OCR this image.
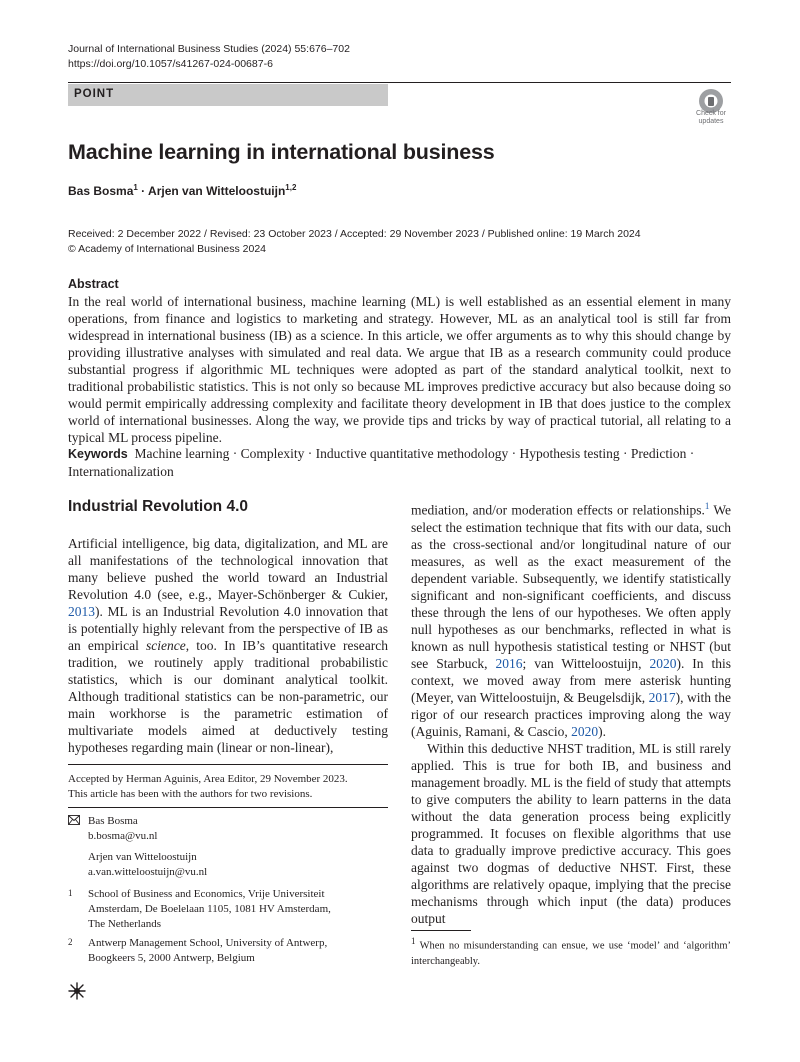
Journal of International Business Studies (2024) 55:676–702
https://doi.org/10.1057/s41267-024-00687-6
POINT
Check for
updates
Machine learning in international business
Bas Bosma$^1$ · Arjen van Witteloostuijn$^{1,2}$
Received: 2 December 2022 / Revised: 23 October 2023 / Accepted: 29 November 2023 / Published online: 19 March 2024
© Academy of International Business 2024
Abstract
In the real world of international business, machine learning (ML) is well established as an essential element in many operations, from finance and logistics to marketing and strategy. However, ML as an analytical tool is still far from widespread in international business (IB) as a science. In this article, we offer arguments as to why this should change by providing illustrative analyses with simulated and real data. We argue that IB as a research community could produce substantial progress if algorithmic ML techniques were adopted as part of the standard analytical toolkit, next to traditional probabilistic statistics. This is not only so because ML improves predictive accuracy but also because doing so would permit empirically addressing complexity and facilitate theory development in IB that does justice to the complex world of international businesses. Along the way, we provide tips and tricks by way of practical tutorial, all relating to a typical ML process pipeline.
Keywords Machine learning · Complexity · Inductive quantitative methodology · Hypothesis testing · Prediction · Internationalization
Industrial Revolution 4.0

Artificial intelligence, big data, digitalization, and ML are all manifestations of the technological innovation that many believe pushed the world toward an Industrial Revolution 4.0 (see, e.g., Mayer-Schönberger & Cukier, 2013). ML is an Industrial Revolution 4.0 innovation that is potentially highly relevant from the perspective of IB as an empirical science, too. In IB’s quantitative research tradition, we routinely apply traditional probabilistic statistics, which is our dominant analytical toolkit. Although traditional statistics can be non-parametric, our main workhorse is the parametric estimation of multivariate models aimed at deductively testing hypotheses regarding main (linear or non-linear),

Accepted by Herman Aguinis, Area Editor, 29 November 2023.
This article has been with the authors for two revisions.
Bas Bosma
b.bosma@vu.nl
Arjen van Witteloostuijn
a.van.witteloostuijn@vu.nl
1 School of Business and Economics, Vrije Universiteit
Amsterdam, De Boelelaan 1105, 1081 HV Amsterdam,
The Netherlands
2 Antwerp Management School, University of Antwerp,
Boogkeers 5, 2000 Antwerp, Belgium

mediation, and/or moderation effects or relationships.$^1$ We select the estimation technique that fits with our data, such as the cross-sectional and/or longitudinal nature of our measures, as well as the exact measurement of the dependent variable. Subsequently, we identify statistically significant and non-significant coefficients, and discuss these through the lens of our hypotheses. We often apply null hypotheses as our benchmarks, reflected in what is known as null hypothesis statistical testing or NHST (but see Starbuck, 2016; van Witteloostuijn, 2020). In this context, we moved away from mere asterisk hunting (Meyer, van Witteloostuijn, & Beugelsdijk, 2017), with the rigor of our research practices improving along the way (Aguinis, Ramani, & Cascio, 2020).

Within this deductive NHST tradition, ML is still rarely applied. This is true for both IB, and business and management broadly. ML is the field of study that attempts to give computers the ability to learn patterns in the data without the data generation process being explicitly programmed. It focuses on flexible algorithms that use data to gradually improve predictive accuracy. This goes against two dogmas of deductive NHST. First, these algorithms are relatively opaque, implying that the precise mechanisms through which input (the data) produces output

$^1$ When no misunderstanding can ensue, we use ‘model’ and ‘algorithm’ interchangeably.
